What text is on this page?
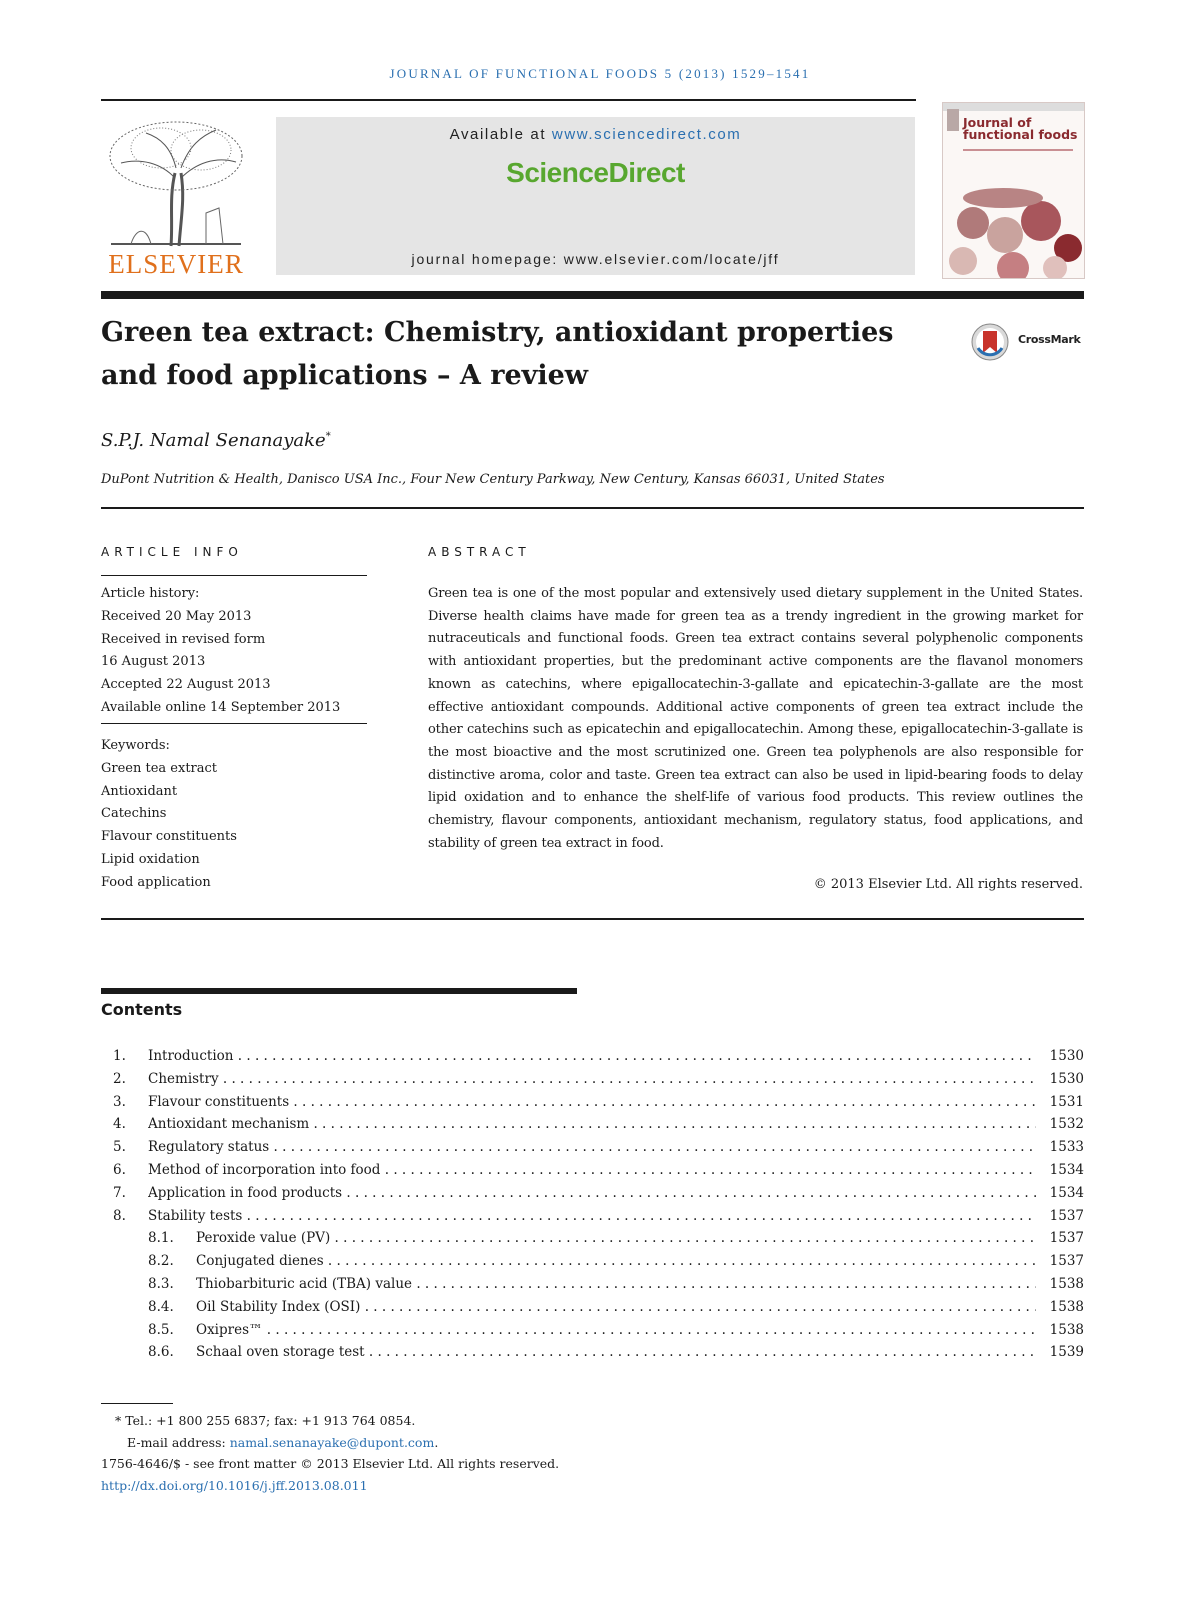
JOURNAL OF FUNCTIONAL FOODS 5 (2013) 1529–1541
ELSEVIER
Available at www.sciencedirect.com
ScienceDirect
journal homepage: www.elsevier.com/locate/jff
Journal of functional foods
Green tea extract: Chemistry, antioxidant properties and food applications – A review
CrossMark
S.P.J. Namal Senanayake*
DuPont Nutrition & Health, Danisco USA Inc., Four New Century Parkway, New Century, Kansas 66031, United States
ARTICLE INFO	ABSTRACT
Article history:
Received 20 May 2013
Received in revised form
16 August 2013
Accepted 22 August 2013
Available online 14 September 2013
Keywords:
Green tea extract
Antioxidant
Catechins
Flavour constituents
Lipid oxidation
Food application
Green tea is one of the most popular and extensively used dietary supplement in the United States. Diverse health claims have made for green tea as a trendy ingredient in the growing market for nutraceuticals and functional foods. Green tea extract contains several polyphenolic components with antioxidant properties, but the predominant active components are the flavanol monomers known as catechins, where epigallocatechin-3-gallate and epicatechin-3-gallate are the most effective antioxidant compounds. Additional active components of green tea extract include the other catechins such as epicatechin and epigallocatechin. Among these, epigallocatechin-3-gallate is the most bioactive and the most scrutinized one. Green tea polyphenols are also responsible for distinctive aroma, color and taste. Green tea extract can also be used in lipid-bearing foods to delay lipid oxidation and to enhance the shelf-life of various food products. This review outlines the chemistry, flavour components, antioxidant mechanism, regulatory status, food applications, and stability of green tea extract in food.
© 2013 Elsevier Ltd. All rights reserved.
Contents
1. Introduction . . .	1530
2. Chemistry . . .	1530
3. Flavour constituents . . .	1531
4. Antioxidant mechanism . . .	1532
5. Regulatory status . . .	1533
6. Method of incorporation into food . . .	1534
7. Application in food products . . .	1534
8. Stability tests . . .	1537
8.1. Peroxide value (PV) . . .	1537
8.2. Conjugated dienes . . .	1537
8.3. Thiobarbituric acid (TBA) value . . .	1538
8.4. Oil Stability Index (OSI) . . .	1538
8.5. Oxipres™ . . .	1538
8.6. Schaal oven storage test . . .	1539
* Tel.: +1 800 255 6837; fax: +1 913 764 0854.
E-mail address: namal.senanayake@dupont.com.
1756-4646/$ - see front matter © 2013 Elsevier Ltd. All rights reserved.
http://dx.doi.org/10.1016/j.jff.2013.08.011
